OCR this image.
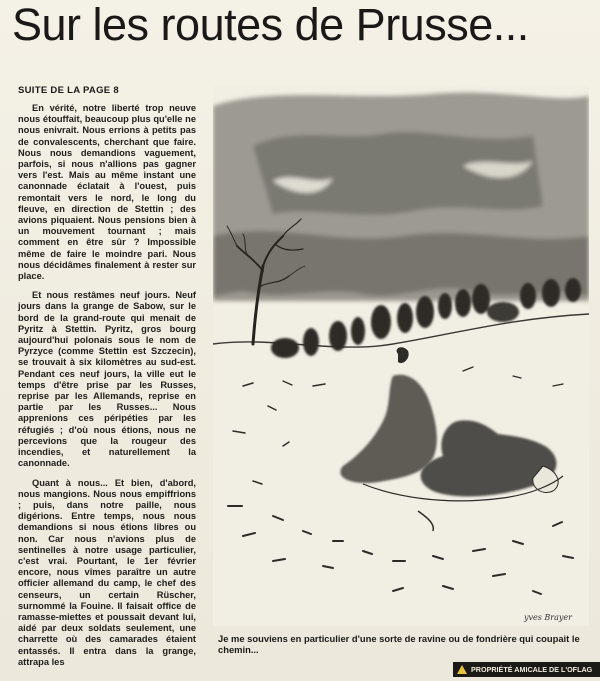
Sur les routes de Prusse...
SUITE DE LA PAGE 8

En vérité, notre liberté trop neuve nous étouffait, beaucoup plus qu'elle ne nous enivrait. Nous errions à petits pas de convalescents, cherchant que faire. Nous nous demandions vaguement, parfois, si nous n'allions pas gagner vers l'est. Mais au même instant une canonnade éclatait à l'ouest, puis remontait vers le nord, le long du fleuve, en direction de Stettin ; des avions piquaient. Nous pensions bien à un mouvement tournant ; mais comment en être sûr ? Impossible même de faire le moindre pari. Nous nous décidâmes finalement à rester sur place.

Et nous restâmes neuf jours. Neuf jours dans la grange de Sabow, sur le bord de la grand-route qui menait de Pyritz à Stettin. Pyritz, gros bourg aujourd'hui polonais sous le nom de Pyrzyce (comme Stettin est Szczecin), se trouvait à six kilomètres au sud-est. Pendant ces neuf jours, la ville eut le temps d'être prise par les Russes, reprise par les Allemands, reprise en partie par les Russes... Nous apprenions ces péripéties par les réfugiés ; d'où nous étions, nous ne percevions que la rougeur des incendies, et naturellement la canonnade.

Quant à nous... Et bien, d'abord, nous mangions. Nous nous empiffrions ; puis, dans notre paille, nous digérions. Entre temps, nous nous demandions si nous étions libres ou non. Car nous n'avions plus de sentinelles à notre usage particulier, c'est vrai. Pourtant, le 1er février encore, nous vîmes paraître un autre officier allemand du camp, le chef des censeurs, un certain Rüscher, surnommé la Fouine. Il faisait office de ramasse-miettes et poussait devant lui, aidé par deux soldats seulement, une charrette où des camarades étaient entassés. Il entra dans la grange, attrapa les

yves Brayer
Je me souviens en particulier d'une sorte de ravine ou de fondrière qui coupait le chemin...
PROPRIÉTÉ AMICALE DE L'OFLAG
